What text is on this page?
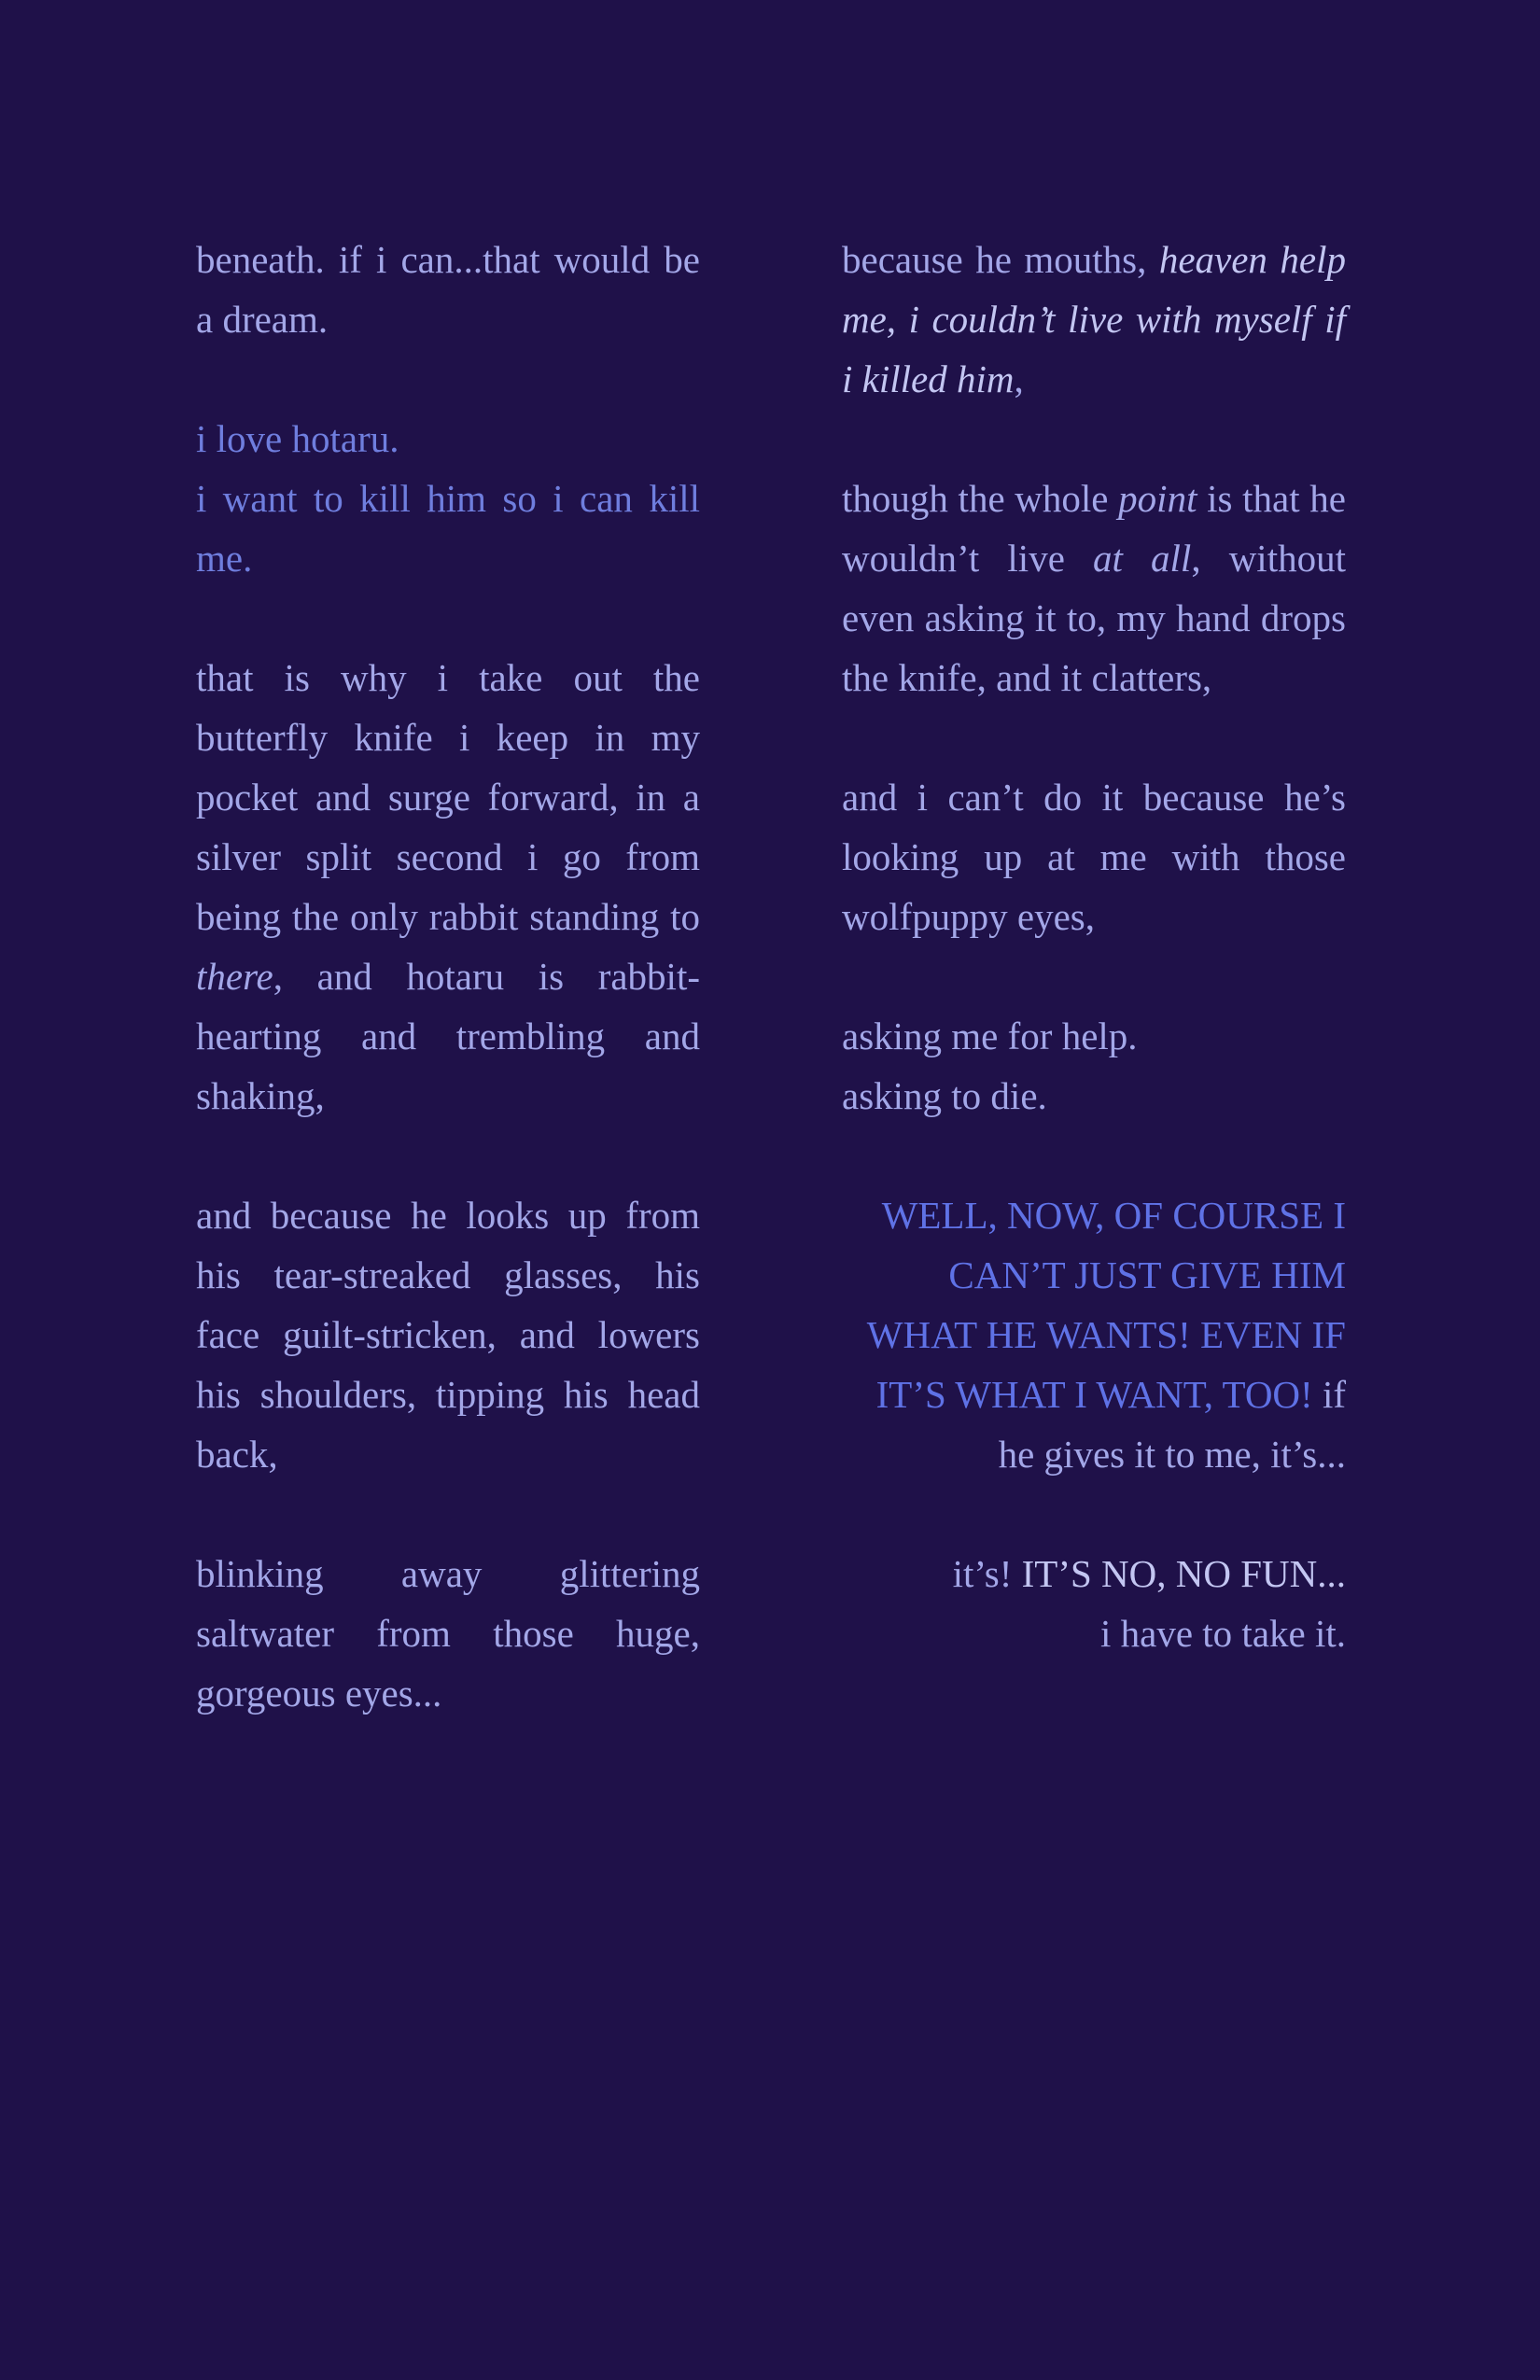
beneath. if i can...that would be a dream.

i love hotaru.
i want to kill him so i can kill me.

that is why i take out the butterfly knife i keep in my pocket and surge forward, in a silver split second i go from being the only rabbit standing to there, and hotaru is rabbit-hearting and trembling and shaking,

and because he looks up from his tear-streaked glasses, his face guilt-stricken, and lowers his shoulders, tipping his head back,

blinking away glittering saltwater from those huge, gorgeous eyes...

because he mouths, heaven help me, i couldn’t live with myself if i killed him,

though the whole point is that he wouldn’t live at all, without even asking it to, my hand drops the knife, and it clatters,

and i can’t do it because he’s looking up at me with those wolfpuppy eyes,

asking me for help.
asking to die.

WELL, NOW, OF COURSE I CAN’T JUST GIVE HIM WHAT HE WANTS! EVEN IF IT’S WHAT I WANT, TOO! if he gives it to me, it’s...

it’s! IT’S NO, NO FUN...
i have to take it.
